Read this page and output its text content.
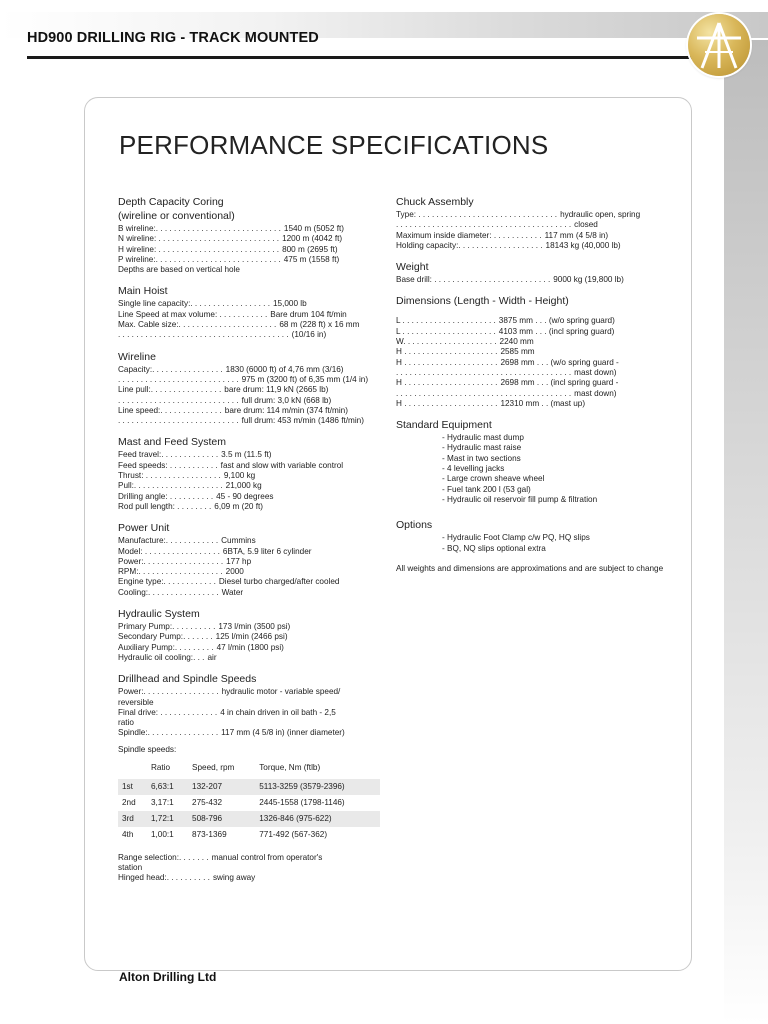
HD900 DRILLING RIG - TRACK MOUNTED
PERFORMANCE SPECIFICATIONS
Depth Capacity Coring
(wireline or conventional)
B wireline:. . . . . . . . . . . . . . . . . . . . . . . . . . . . 1540 m (5052 ft)
N wireline: . . . . . . . . . . . . . . . . . . . . . . . . . . . 1200 m (4042 ft)
H wireline: . . . . . . . . . . . . . . . . . . . . . . . . . . . 800 m (2695 ft)
P wireline:. . . . . . . . . . . . . . . . . . . . . . . . . . . . 475 m (1558 ft)
Depths are based on vertical hole
Main Hoist
Single line capacity:. . . . . . . . . . . . . . . . . . 15,000 lb
Line Speed at max volume: . . . . . . . . . . . Bare drum 104 ft/min
Max. Cable size:. . . . . . . . . . . . . . . . . . . . . . 68 m (228 ft) x 16 mm
. . . . . . . . . . . . . . . . . . . . . . . . . . . . . . . . . . . . . . (10/16 in)
Wireline
Capacity:. . . . . . . . . . . . . . . . 1830 (6000 ft) of 4,76 mm (3/16)
. . . . . . . . . . . . . . . . . . . . . . . . . . . 975 m (3200 ft) of 6,35 mm (1/4 in)
Line pull:. . . . . . . . . . . . . . . . bare drum: 11,9 kN (2665 lb)
. . . . . . . . . . . . . . . . . . . . . . . . . . . full drum: 3,0 kN (668 lb)
Line speed:. . . . . . . . . . . . . . bare drum: 114 m/min (374 ft/min)
. . . . . . . . . . . . . . . . . . . . . . . . . . . full drum: 453 m/min (1486 ft/min)
Mast and Feed System
Feed travel:. . . . . . . . . . . . . 3.5 m (11.5 ft)
Feed speeds: . . . . . . . . . . . fast and slow with variable control
Thrust: . . . . . . . . . . . . . . . . . 9,100 kg
Pull:. . . . . . . . . . . . . . . . . . . . 21,000 kg
Drilling angle: . . . . . . . . . . 45 - 90 degrees
Rod pull length: . . . . . . . . 6,09 m (20 ft)
Power Unit
Manufacture:. . . . . . . . . . . . Cummins
Model: . . . . . . . . . . . . . . . . . 6BTA, 5.9 liter 6 cylinder
Power:. . . . . . . . . . . . . . . . . . 177 hp
RPM:. . . . . . . . . . . . . . . . . . . 2000
Engine type:. . . . . . . . . . . . Diesel turbo charged/after cooled
Cooling:. . . . . . . . . . . . . . . . Water
Hydraulic System
Primary Pump:. . . . . . . . . . 173 l/min (3500 psi)
Secondary Pump:. . . . . . . 125 l/min (2466 psi)
Auxiliary Pump:. . . . . . . . . 47 l/min (1800 psi)
Hydraulic oil cooling:. . . air
Drillhead and Spindle Speeds
Power:. . . . . . . . . . . . . . . . . hydraulic motor - variable speed/
reversible
Final drive: . . . . . . . . . . . . . 4 in chain driven in oil bath - 2,5
ratio
Spindle:. . . . . . . . . . . . . . . . 117 mm (4 5/8 in) (inner diameter)
Spindle speeds:
	Ratio	Speed, rpm	Torque, Nm (ftlb)
1st	6,63:1	132-207	5113-3259 (3579-2396)
2nd	3,17:1	275-432	2445-1558 (1798-1146)
3rd	1,72:1	508-796	1326-846 (975-622)
4th	1,00:1	873-1369	771-492 (567-362)
Range selection:. . . . . . . manual control from operator's
station
Hinged head:. . . . . . . . . . swing away
Chuck Assembly
Type: . . . . . . . . . . . . . . . . . . . . . . . . . . . . . . . hydraulic open, spring
. . . . . . . . . . . . . . . . . . . . . . . . . . . . . . . . . . . . . . . closed
Maximum inside diameter: . . . . . . . . . . . 117 mm (4 5/8 in)
Holding capacity:. . . . . . . . . . . . . . . . . . . 18143 kg (40,000 lb)
Weight
Base drill: . . . . . . . . . . . . . . . . . . . . . . . . . . 9000 kg (19,800 lb)
Dimensions (Length - Width - Height)
L . . . . . . . . . . . . . . . . . . . . . 3875 mm . . . (w/o spring guard)
L . . . . . . . . . . . . . . . . . . . . . 4103 mm . . . (incl spring guard)
W. . . . . . . . . . . . . . . . . . . . . 2240 mm
H . . . . . . . . . . . . . . . . . . . . . 2585 mm
H . . . . . . . . . . . . . . . . . . . . . 2698 mm . . . (w/o spring guard -
. . . . . . . . . . . . . . . . . . . . . . . . . . . . . . . . . . . . . . . mast down)
H . . . . . . . . . . . . . . . . . . . . . 2698 mm . . . (incl spring guard -
. . . . . . . . . . . . . . . . . . . . . . . . . . . . . . . . . . . . . . . mast down)
H . . . . . . . . . . . . . . . . . . . . . 12310 mm . . (mast up)
Standard Equipment
- Hydraulic mast dump
- Hydraulic mast raise
- Mast in two sections
- 4 levelling jacks
- Large crown sheave wheel
- Fuel tank 200 l (53 gal)
- Hydraulic oil reservoir fill pump & filtration
Options
- Hydraulic Foot Clamp c/w PQ, HQ slips
- BQ, NQ slips optional extra
All weights and dimensions are approximations and are subject to change
Alton Drilling Ltd
